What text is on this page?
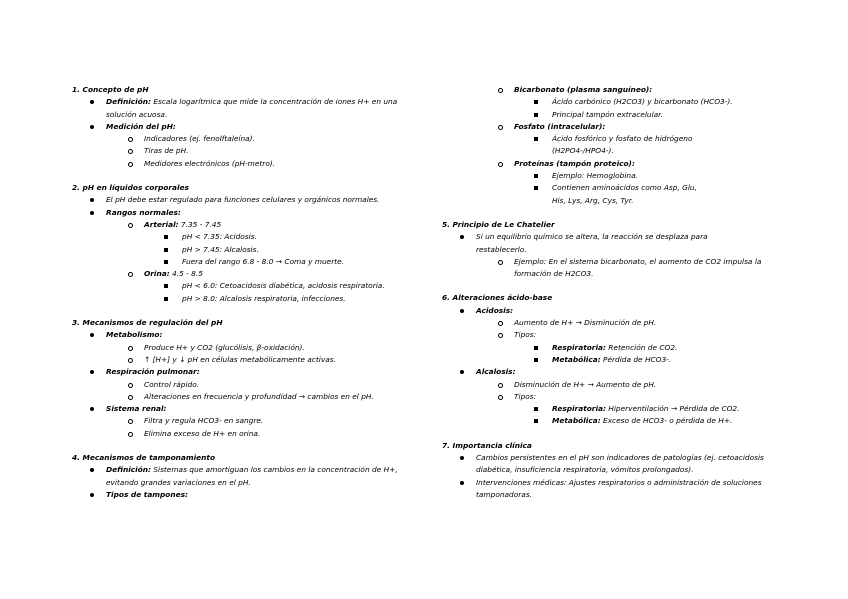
1. Concepto de pH
Definición: Escala logarítmica que mide la concentración de iones H+ en una solución acuosa.
Medición del pH:
Indicadores (ej. fenolftaleína).
Tiras de pH.
Medidores electrónicos (pH-metro).
2. pH en líquidos corporales
El pH debe estar regulado para funciones celulares y orgánicos normales.
Rangos normales:
Arterial: 7.35 - 7.45
pH < 7.35: Acidosis.
pH > 7.45: Alcalosis.
Fuera del rango 6.8 - 8.0 → Coma y muerte.
Orina: 4.5 - 8.5
pH < 6.0: Cetoacidosis diabética, acidosis respiratoria.
pH > 8.0: Alcalosis respiratoria, infecciones.
3. Mecanismos de regulación del pH
Metabolismo:
Produce H+ y CO2 (glucólisis, β-oxidación).
↑ [H+] y ↓ pH en células metabólicamente activas.
Respiración pulmonar:
Control rápido.
Alteraciones en frecuencia y profundidad → cambios en el pH.
Sistema renal:
Filtra y regula HCO3- en sangre.
Elimina exceso de H+ en orina.
4. Mecanismos de tamponamiento
Definición: Sistemas que amortiguan los cambios en la concentración de H+, evitando grandes variaciones en el pH.
Tipos de tampones:
Bicarbonato (plasma sanguíneo):
Ácido carbónico (H2CO3) y bicarbonato (HCO3-).
Principal tampón extracelular.
Fosfato (intracelular):
Ácido fosfórico y fosfato de hidrógeno (H2PO4-/HPO4-).
Proteínas (tampón proteico):
Ejemplo: Hemoglobina.
Contienen aminoácidos como Asp, Glu, His, Lys, Arg, Cys, Tyr.
5. Principio de Le Chatelier
Si un equilibrio químico se altera, la reacción se desplaza para restablecerlo.
Ejemplo: En el sistema bicarbonato, el aumento de CO2 impulsa la formación de H2CO3.
6. Alteraciones ácido-base
Acidosis:
Aumento de H+ → Disminución de pH.
Tipos:
Respiratoria: Retención de CO2.
Metabólica: Pérdida de HCO3-.
Alcalosis:
Disminución de H+ → Aumento de pH.
Tipos:
Respiratoria: Hiperventilación → Pérdida de CO2.
Metabólica: Exceso de HCO3- o pérdida de H+.
7. Importancia clínica
Cambios persistentes en el pH son indicadores de patologías (ej. cetoacidosis diabética, insuficiencia respiratoria, vómitos prolongados).
Intervenciones médicas: Ajustes respiratorios o administración de soluciones tamponadoras.
